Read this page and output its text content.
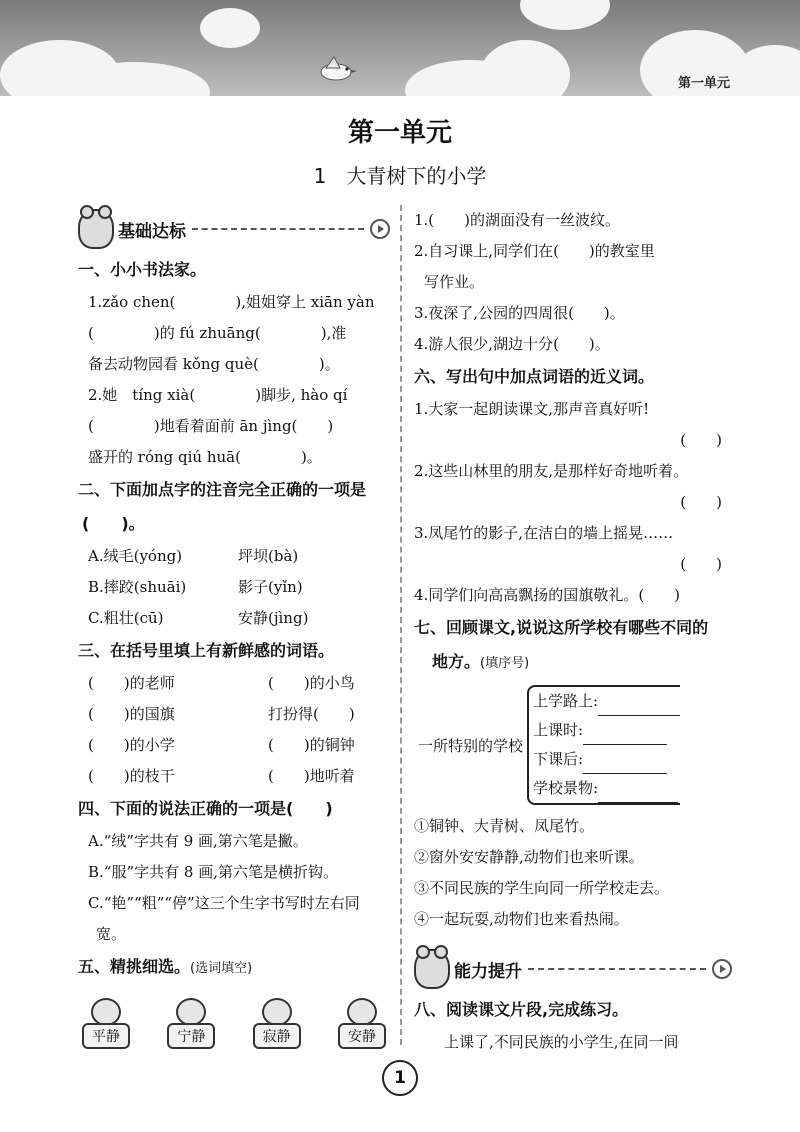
第一单元
第一单元
1　大青树下的小学
基础达标
一、小小书法家。
1.zǎo chen(　　　　),姐姐穿上 xiān yàn
(　　　　)的 fú zhuāng(　　　　),准
备去动物园看 kǒng què(　　　　)。
2.她　tíng xià(　　　　)脚步, hào qí
(　　　　)地看着面前 ān jìng(　　)
盛开的 róng qiú huā(　　　　)。
二、下面加点字的注音完全正确的一项是
(　　)。
A.绒毛(yóng)	坪坝(bà)
B.摔跤(shuāi)	影子(yǐn)
C.粗壮(cū)	安静(jìng)
三、在括号里填上有新鲜感的词语。
(　　)的老师	(　　)的小鸟
(　　)的国旗	打扮得(　　)
(　　)的小学	(　　)的铜钟
(　　)的枝干	(　　)地听着
四、下面的说法正确的一项是(　　)
A.“绒”字共有 9 画,第六笔是撇。
B.“服”字共有 8 画,第六笔是横折钩。
C.“艳”“粗”“停”这三个生字书写时左右同
宽。
五、精挑细选。(选词填空)
平静	宁静	寂静	安静
1.(　　)的湖面没有一丝波纹。
2.自习课上,同学们在(　　)的教室里
写作业。
3.夜深了,公园的四周很(　　)。
4.游人很少,湖边十分(　　)。
六、写出句中加点词语的近义词。
1.大家一起朗读课文,那声音真好听!
(　　)
2.这些山林里的朋友,是那样好奇地听着。
(　　)
3.凤尾竹的影子,在洁白的墙上摇晃……
(　　)
4.同学们向高高飘扬的国旗敬礼。(　　)
七、回顾课文,说说这所学校有哪些不同的
地方。(填序号)
一所特别的学校
上学路上:
上课时:
下课后:
学校景物:
①铜钟、大青树、凤尾竹。
②窗外安安静静,动物们也来听课。
③不同民族的学生向同一所学校走去。
④一起玩耍,动物们也来看热闹。
能力提升
八、阅读课文片段,完成练习。
上课了,不同民族的小学生,在同一间
1
